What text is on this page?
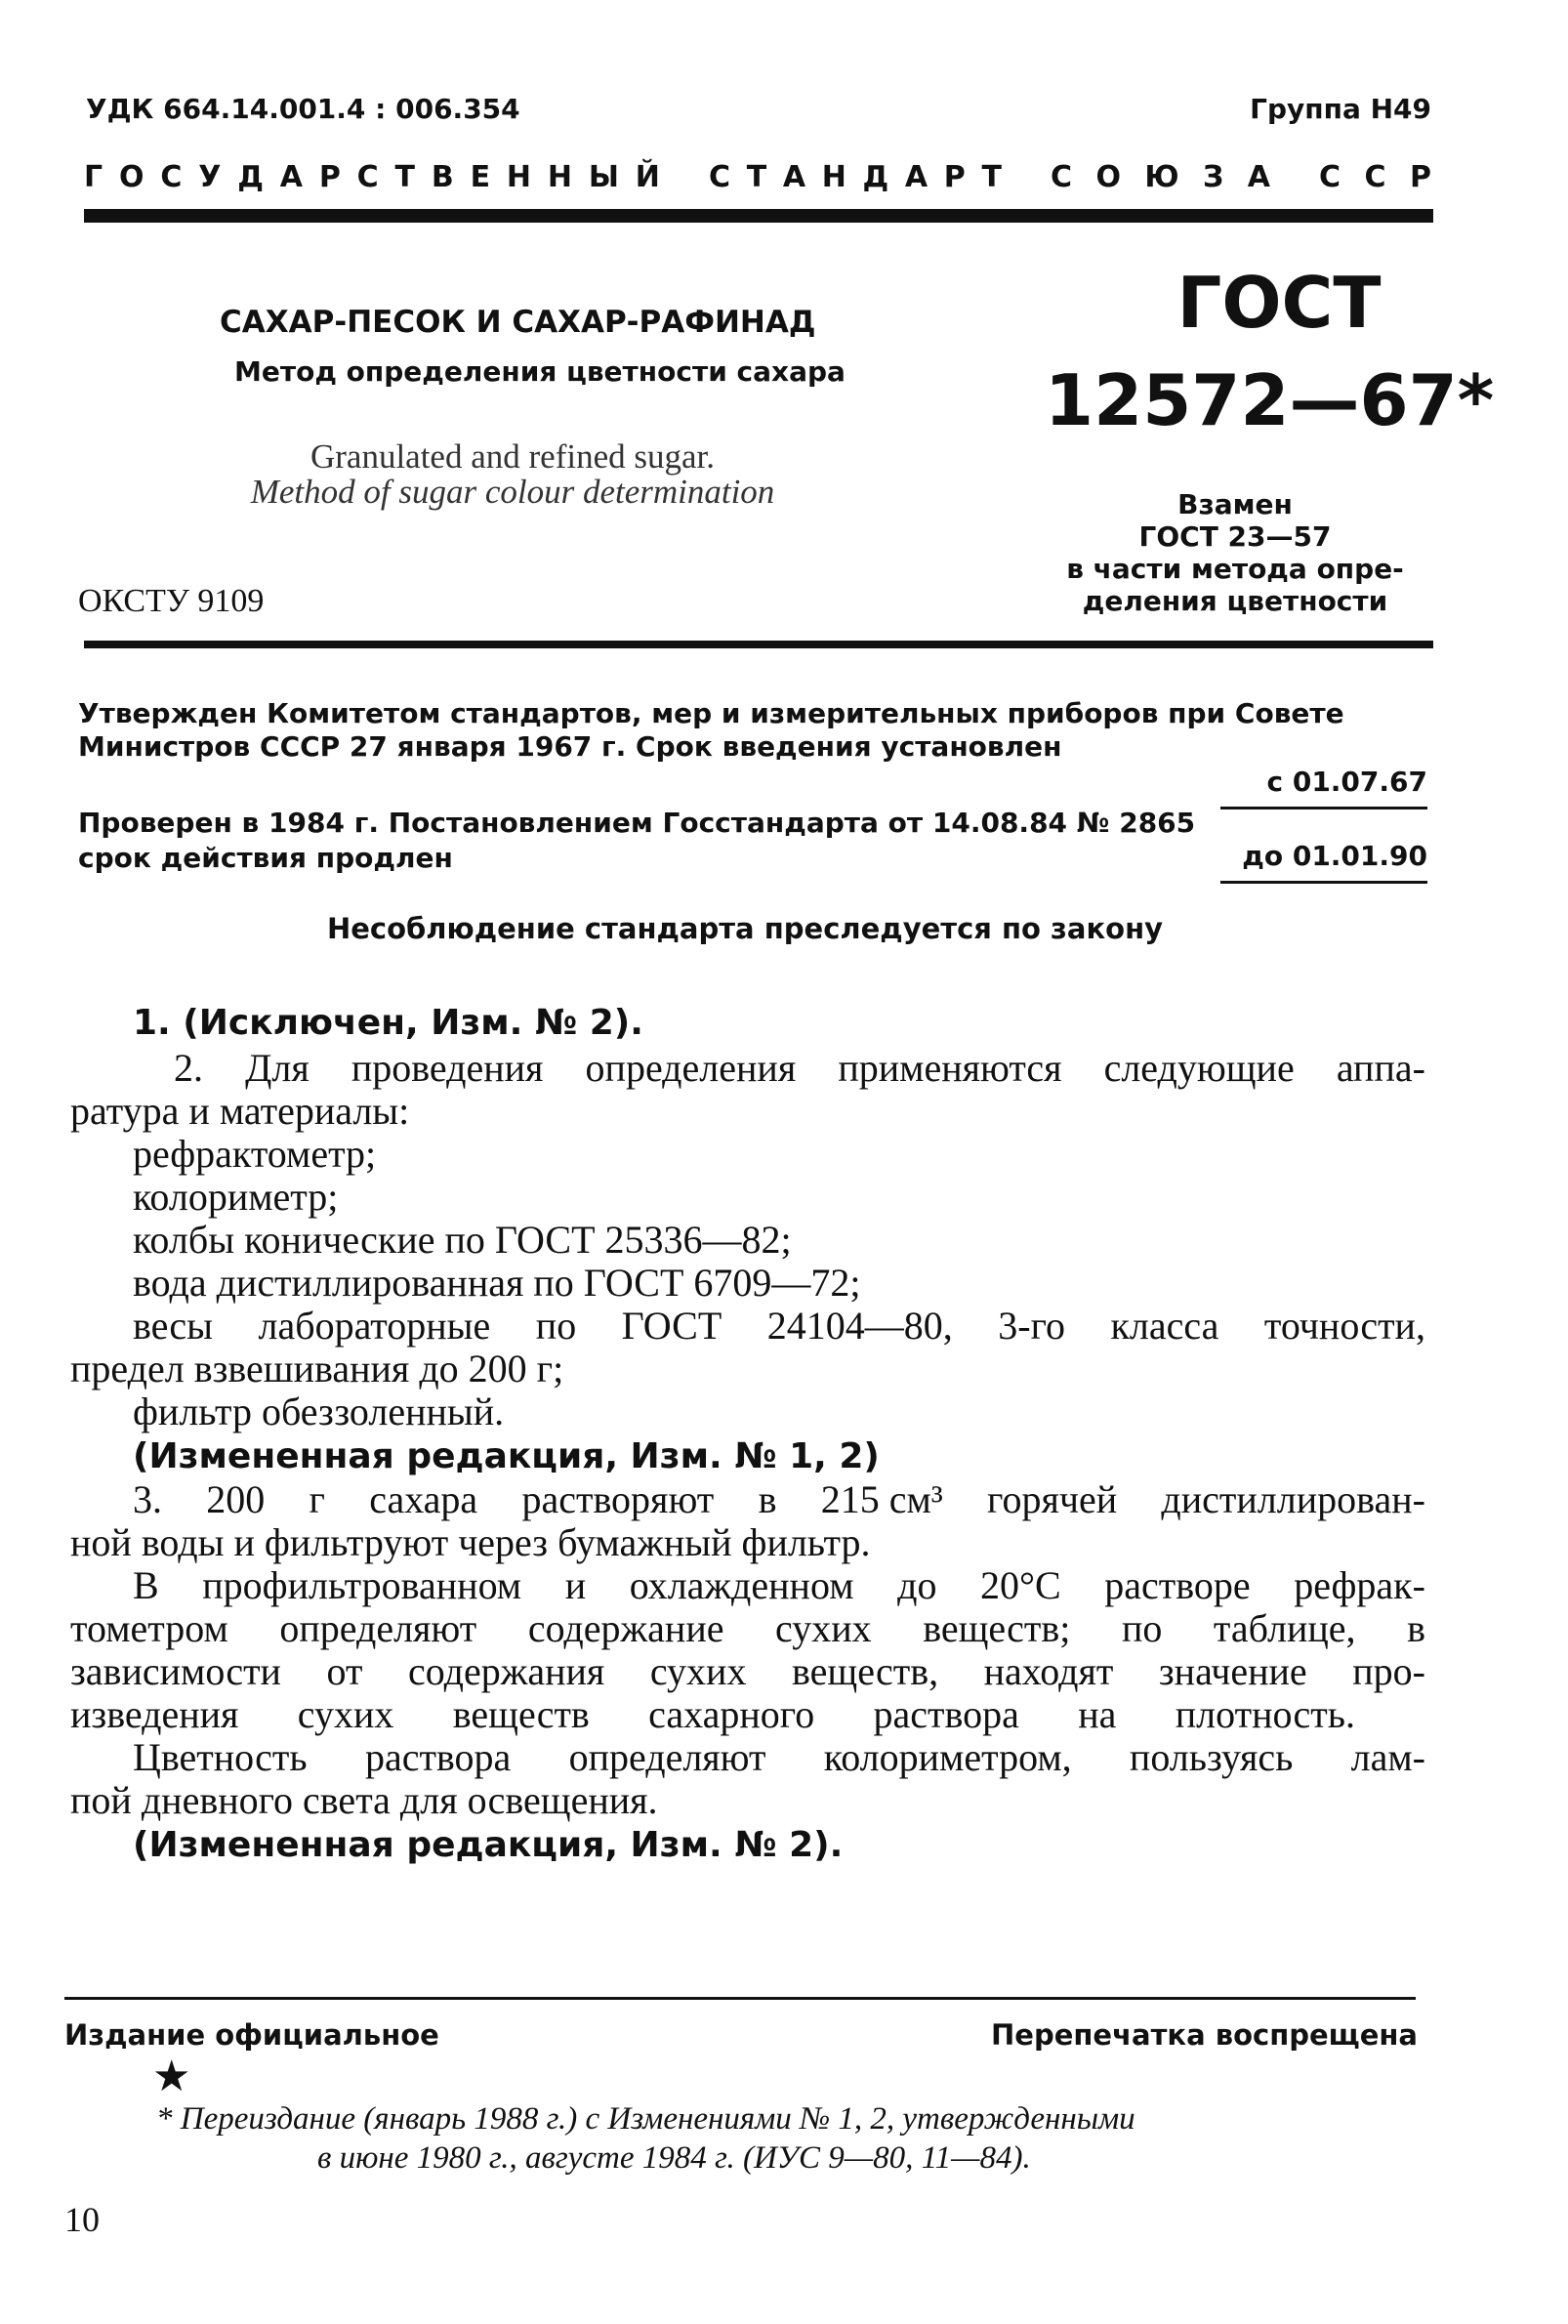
УДК 664.14.001.4 : 006.354	Группа Н49
Г О С У Д А Р С Т В Е Н Н Ы Й С Т А Н Д А Р Т С О Ю З А С С Р
САХАР-ПЕСОК И САХАР-РАФИНАД
Метод определения цветности сахара
Granulated and refined sugar.
Method of sugar colour determination
ОКСТУ 9109
ГОСТ
12572—67*
Взамен
ГОСТ 23—57
в части метода опре-
деления цветности
Утвержден Комитетом стандартов, мер и измерительных приборов при Совете
Министров СССР 27 января 1967 г. Срок введения установлен
с 01.07.67
Проверен в 1984 г. Постановлением Госстандарта от 14.08.84 № 2865
срок действия продлен	до 01.01.90
Несоблюдение стандарта преследуется по закону
1. (Исключен, Изм. № 2).
2. Для проведения определения применяются следующие аппа-
ратура и материалы:
рефрактометр;
колориметр;
колбы конические по ГОСТ 25336—82;
вода дистиллированная по ГОСТ 6709—72;
весы лабораторные по ГОСТ 24104—80, 3-го класса точности,
предел взвешивания до 200 г;
фильтр обеззоленный.
(Измененная редакция, Изм. № 1, 2)
3. 200 г сахара растворяют в 215 см³ горячей дистиллирован-
ной воды и фильтруют через бумажный фильтр.
В профильтрованном и охлажденном до 20°С растворе рефрак-
тометром определяют содержание сухих веществ; по таблице, в
зависимости от содержания сухих веществ, находят значение про-
изведения сухих веществ сахарного раствора на плотность.
Цветность раствора определяют колориметром, пользуясь лам-
пой дневного света для освещения.
(Измененная редакция, Изм. № 2).
Издание официальное	Перепечатка воспрещена
★
* Переиздание (январь 1988 г.) с Изменениями № 1, 2, утвержденными
в июне 1980 г., августе 1984 г. (ИУС 9—80, 11—84).
10
